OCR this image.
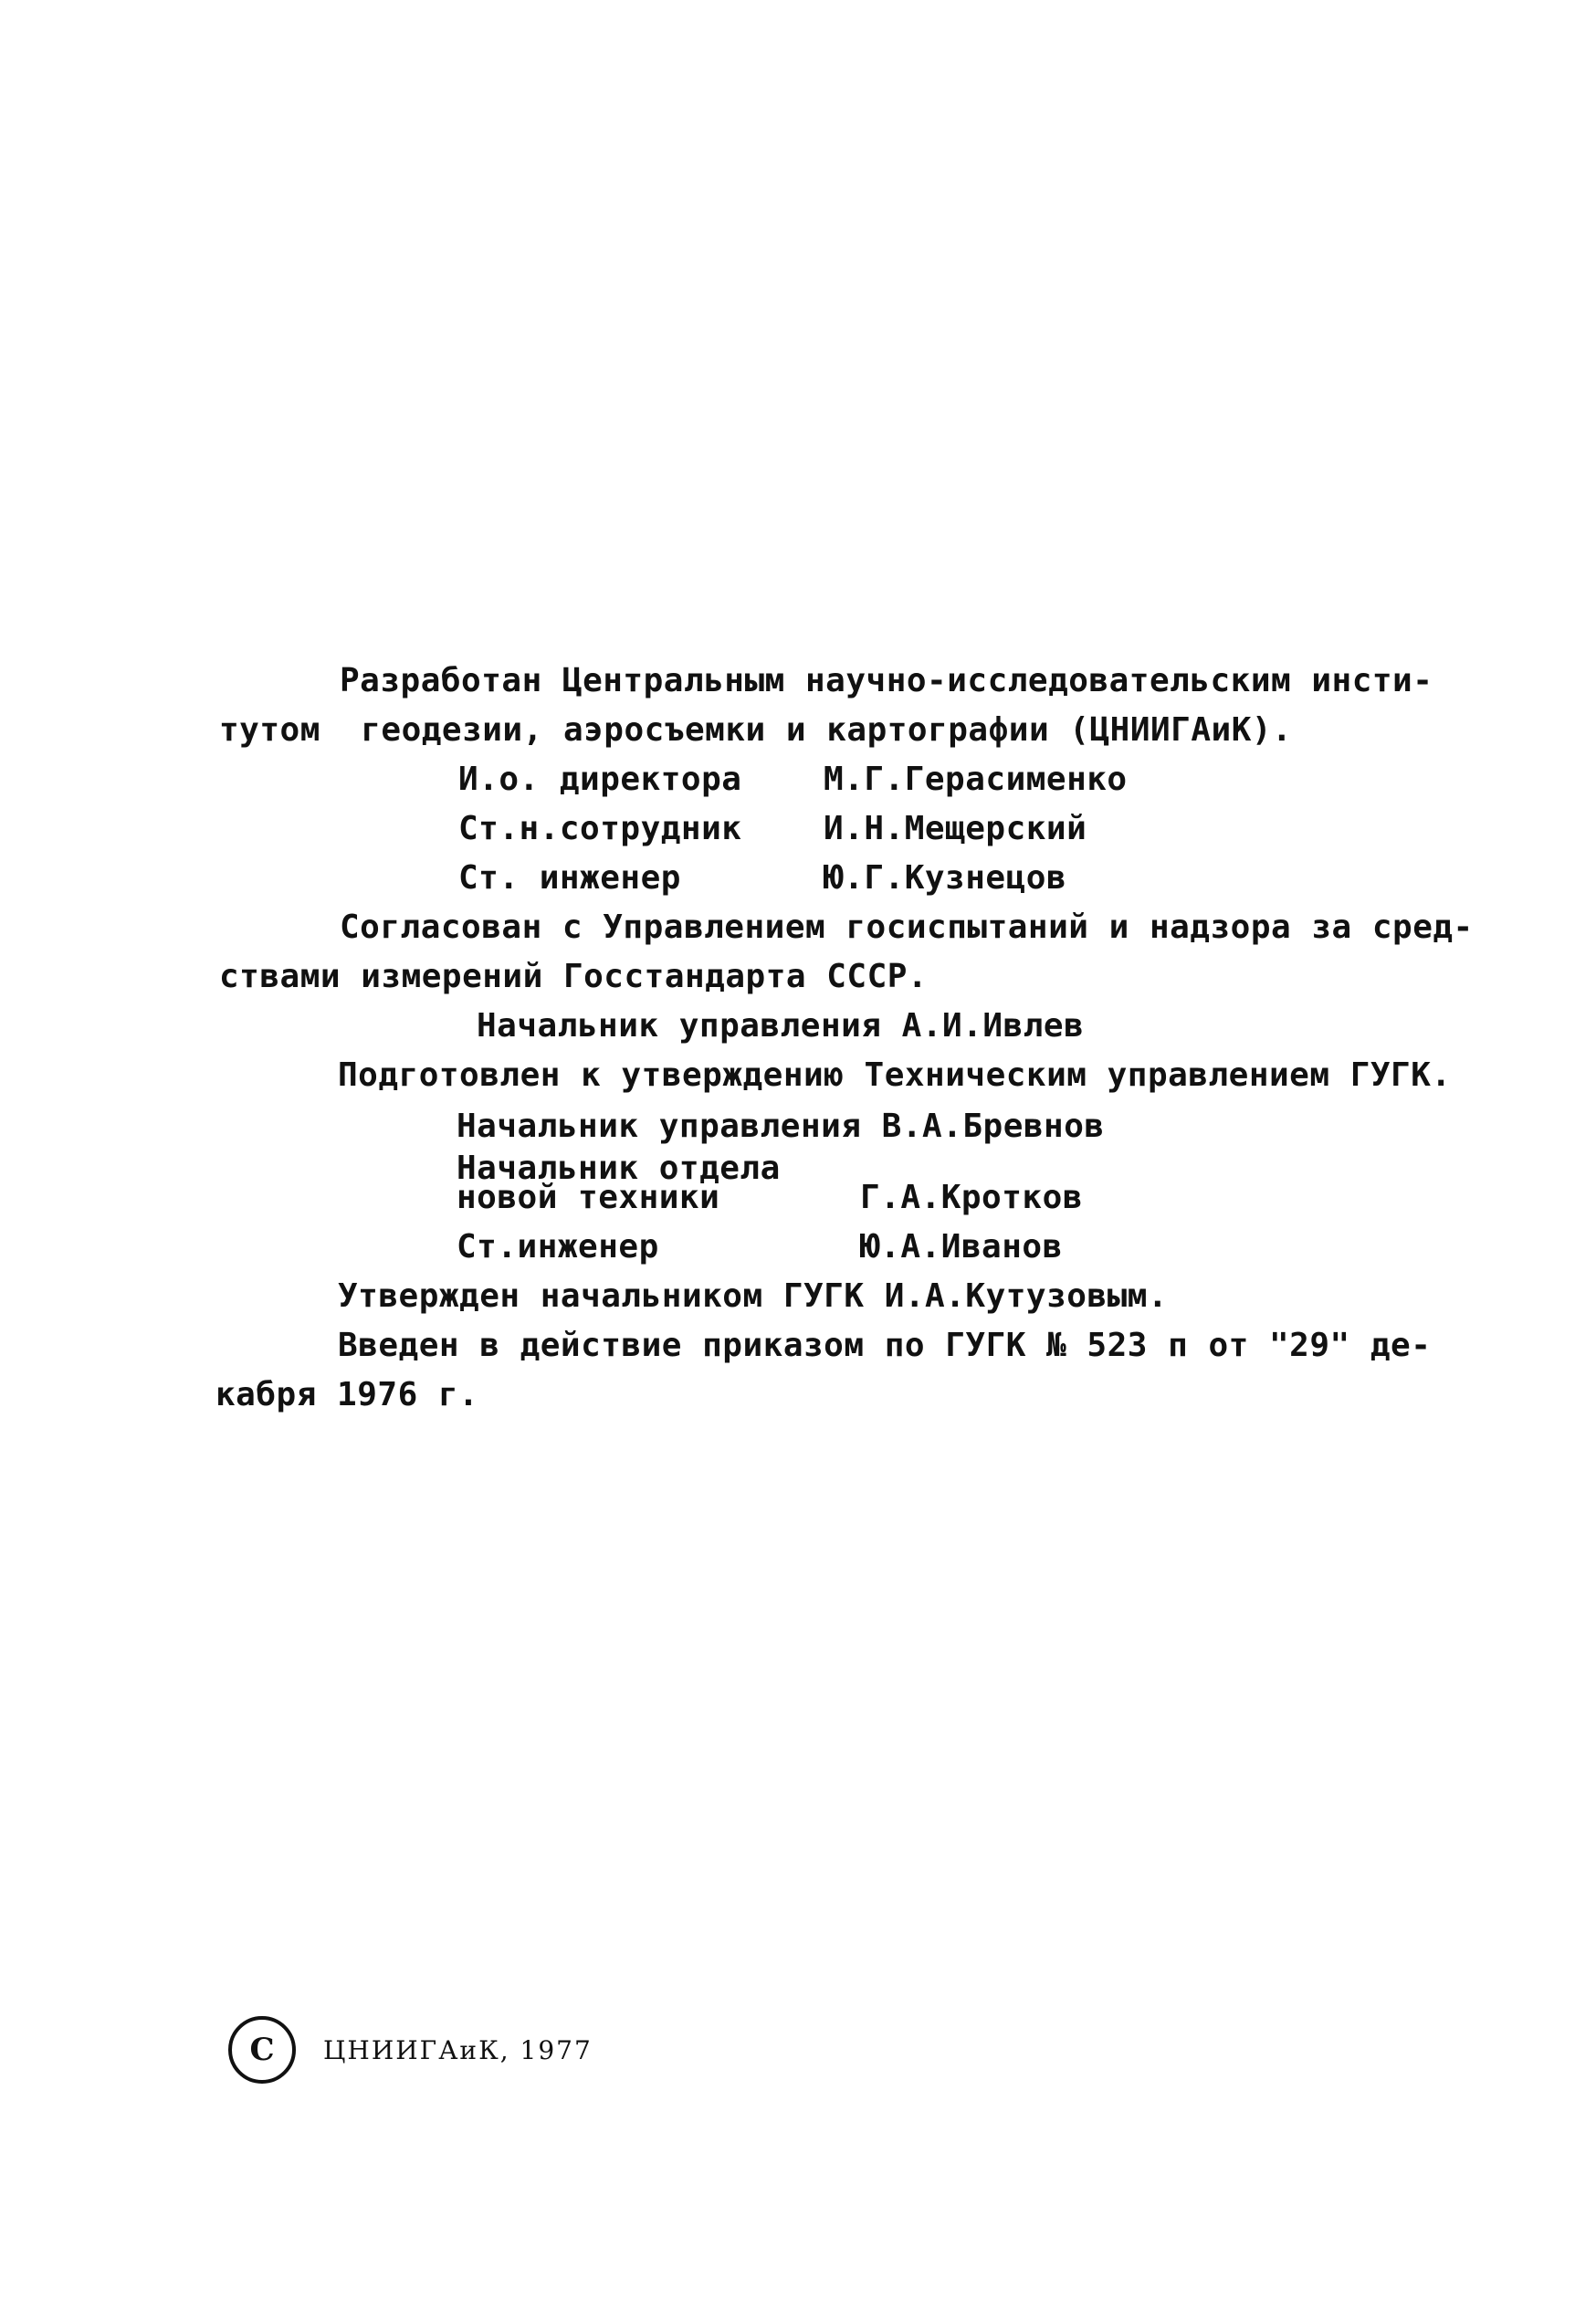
Разработан Центральным научно-исследовательским инсти-
тутом  геодезии, аэросъемки и картографии (ЦНИИГАиК).
И.о. директора М.Г.Герасименко
Ст.н.сотрудник И.Н.Мещерский
Ст. инженер	Ю.Г.Кузнецов
Согласован с Управлением госиспытаний и надзора за сред-
ствами измерений Госстандарта СССР.
Начальник управления А.И.Ивлев
Подготовлен к утверждению Техническим управлением ГУГК.
Начальник управления В.А.Бревнов
Начальник отдела
новой техники	Г.А.Кротков
Ст.инженер	Ю.А.Иванов
Утвержден начальником ГУГК И.А.Кутузовым.
Введен в действие приказом по ГУГК № 523 п от "29" де-
кабря 1976 г.
C ЦНИИГАиК, 1977
